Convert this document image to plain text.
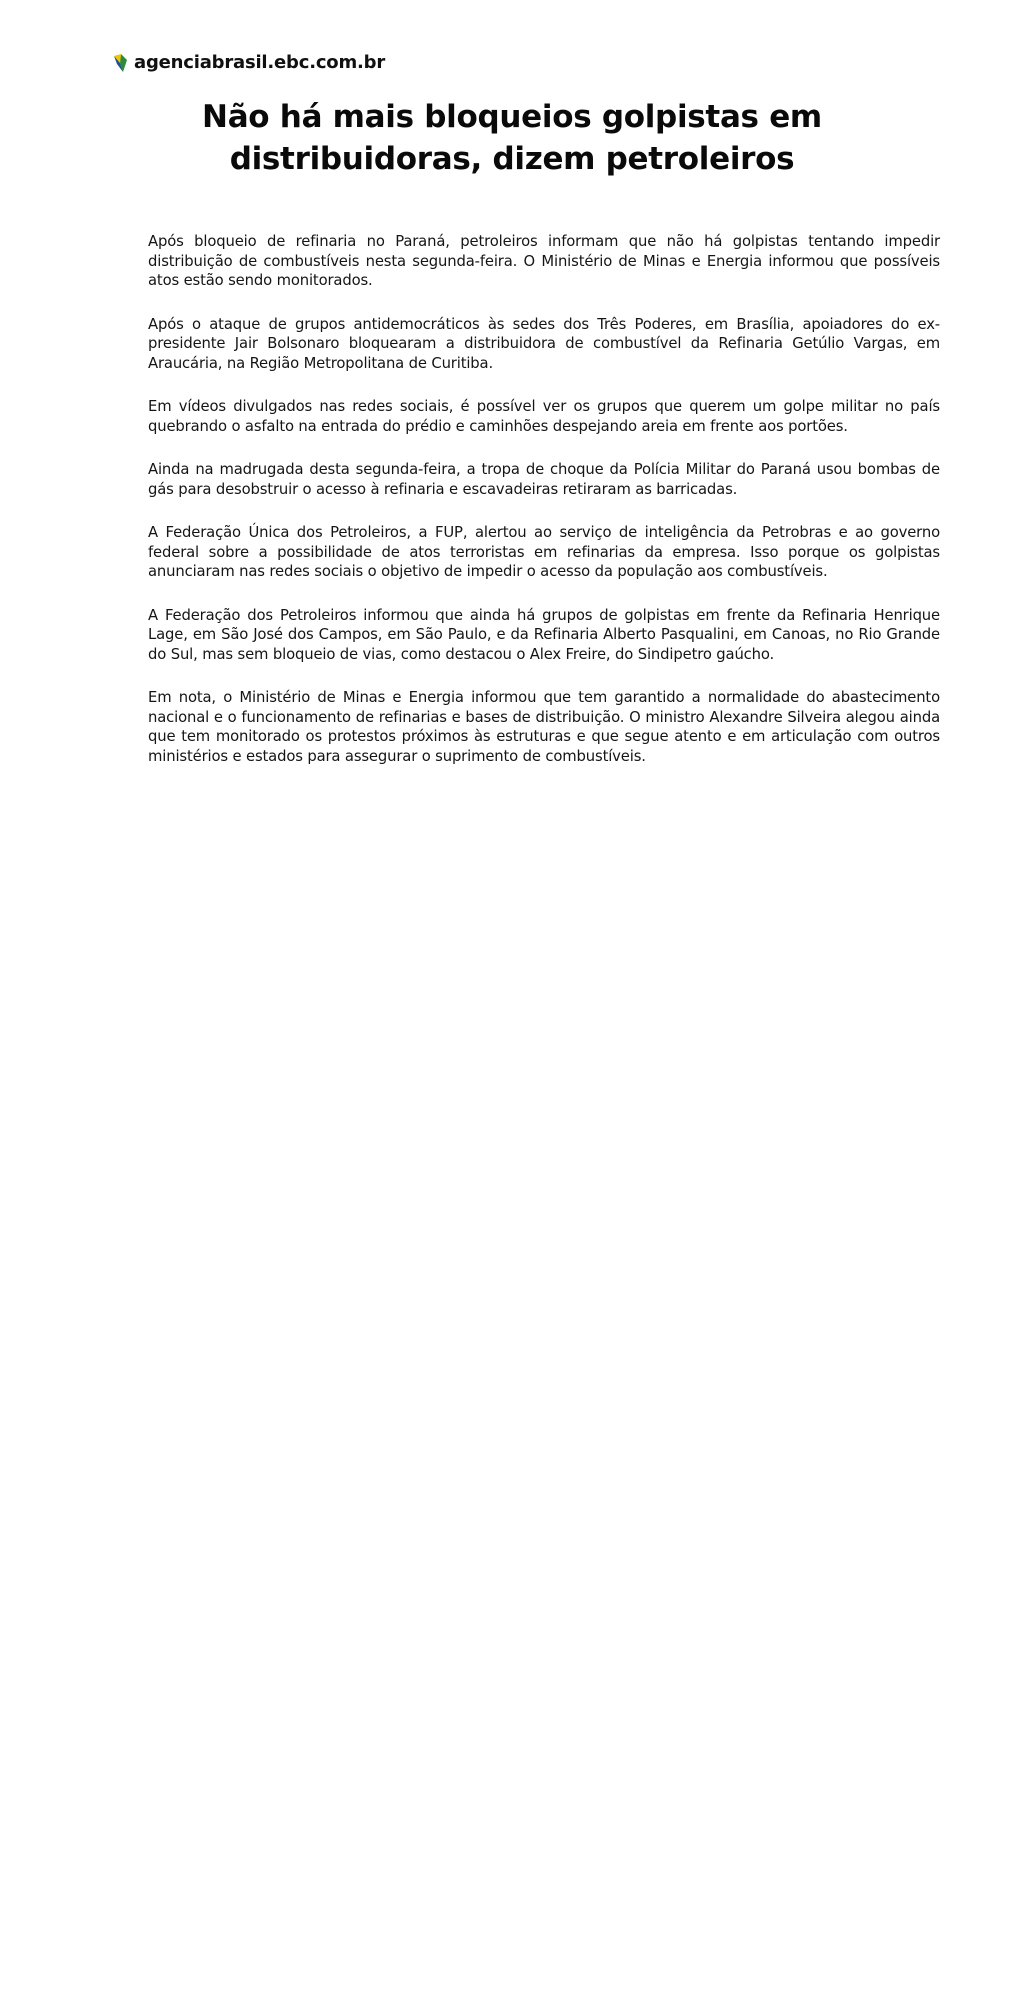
agenciabrasil.ebc.com.br
Não há mais bloqueios golpistas em distribuidoras, dizem petroleiros

Após bloqueio de refinaria no Paraná, petroleiros informam que não há golpistas tentando impedir distribuição de combustíveis nesta segunda-feira. O Ministério de Minas e Energia informou que possíveis atos estão sendo monitorados.

Após o ataque de grupos antidemocráticos às sedes dos Três Poderes, em Brasília, apoiadores do ex-presidente Jair Bolsonaro bloquearam a distribuidora de combustível da Refinaria Getúlio Vargas, em Araucária, na Região Metropolitana de Curitiba.

Em vídeos divulgados nas redes sociais, é possível ver os grupos que querem um golpe militar no país quebrando o asfalto na entrada do prédio e caminhões despejando areia em frente aos portões.

Ainda na madrugada desta segunda-feira, a tropa de choque da Polícia Militar do Paraná usou bombas de gás para desobstruir o acesso à refinaria e escavadeiras retiraram as barricadas.

A Federação Única dos Petroleiros, a FUP, alertou ao serviço de inteligência da Petrobras e ao governo federal sobre a possibilidade de atos terroristas em refinarias da empresa. Isso porque os golpistas anunciaram nas redes sociais o objetivo de impedir o acesso da população aos combustíveis.

A Federação dos Petroleiros informou que ainda há grupos de golpistas em frente da Refinaria Henrique Lage, em São José dos Campos, em São Paulo, e da Refinaria Alberto Pasqualini, em Canoas, no Rio Grande do Sul, mas sem bloqueio de vias, como destacou o Alex Freire, do Sindipetro gaúcho.

Em nota, o Ministério de Minas e Energia informou que tem garantido a normalidade do abastecimento nacional e o funcionamento de refinarias e bases de distribuição. O ministro Alexandre Silveira alegou ainda que tem monitorado os protestos próximos às estruturas e que segue atento e em articulação com outros ministérios e estados para assegurar o suprimento de combustíveis.
